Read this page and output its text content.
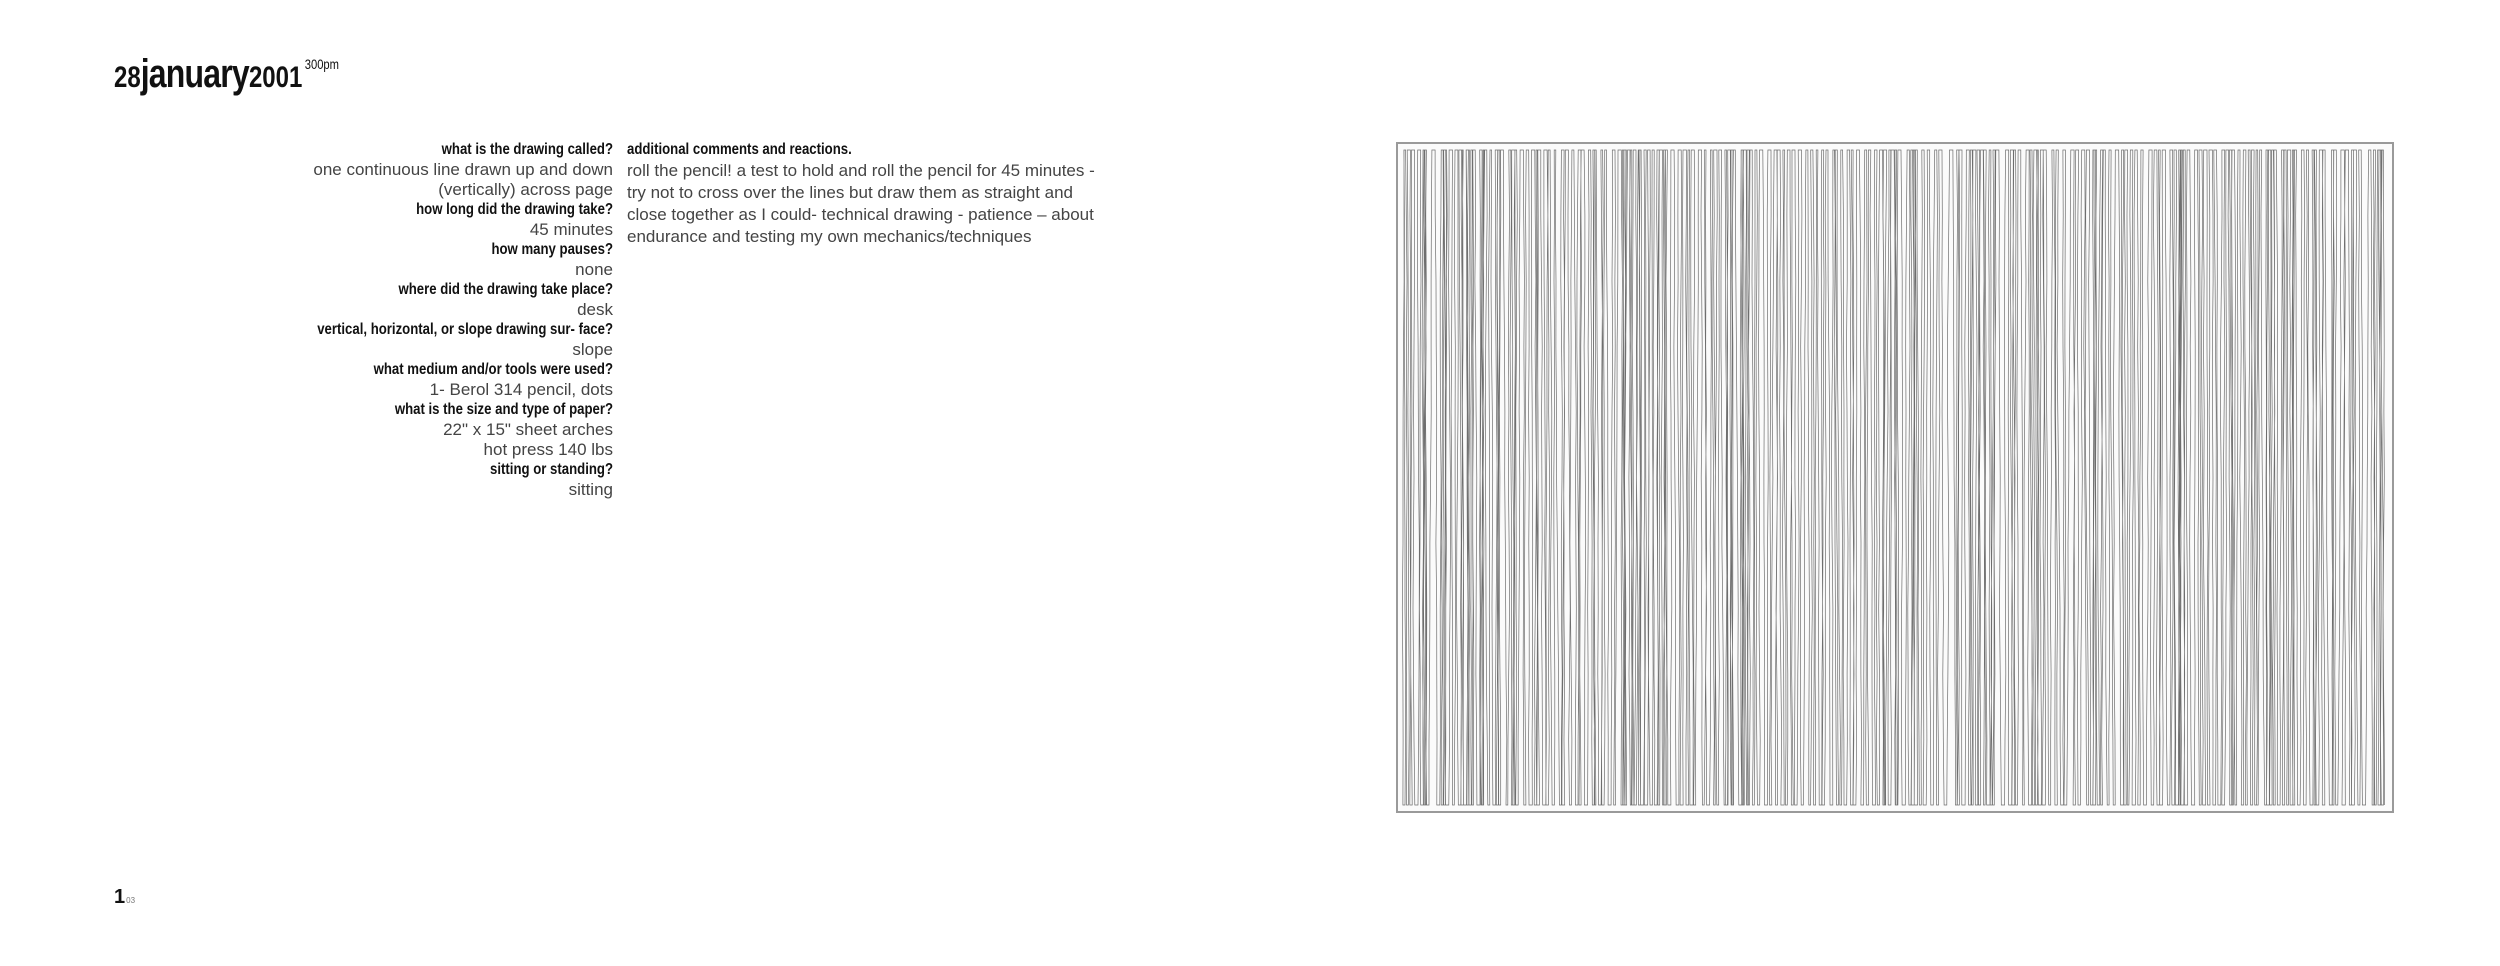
28january2001 300pm
what is the drawing called?
one continuous line drawn up and down
(vertically) across page
how long did the drawing take?
45 minutes
how many pauses?
none
where did the drawing take place?
desk
vertical, horizontal, or slope drawing sur- face?
slope
what medium and/or tools were used?
1- Berol 314 pencil, dots
what is the size and type of paper?
22" x 15" sheet arches
hot press 140 lbs
sitting or standing?
sitting
additional comments and reactions.
roll the pencil! a test to hold and roll the pencil for 45 minutes - try not to cross over the lines but draw them as straight and close together as I could- technical drawing - patience – about endurance and testing my own mechanics/techniques
103
